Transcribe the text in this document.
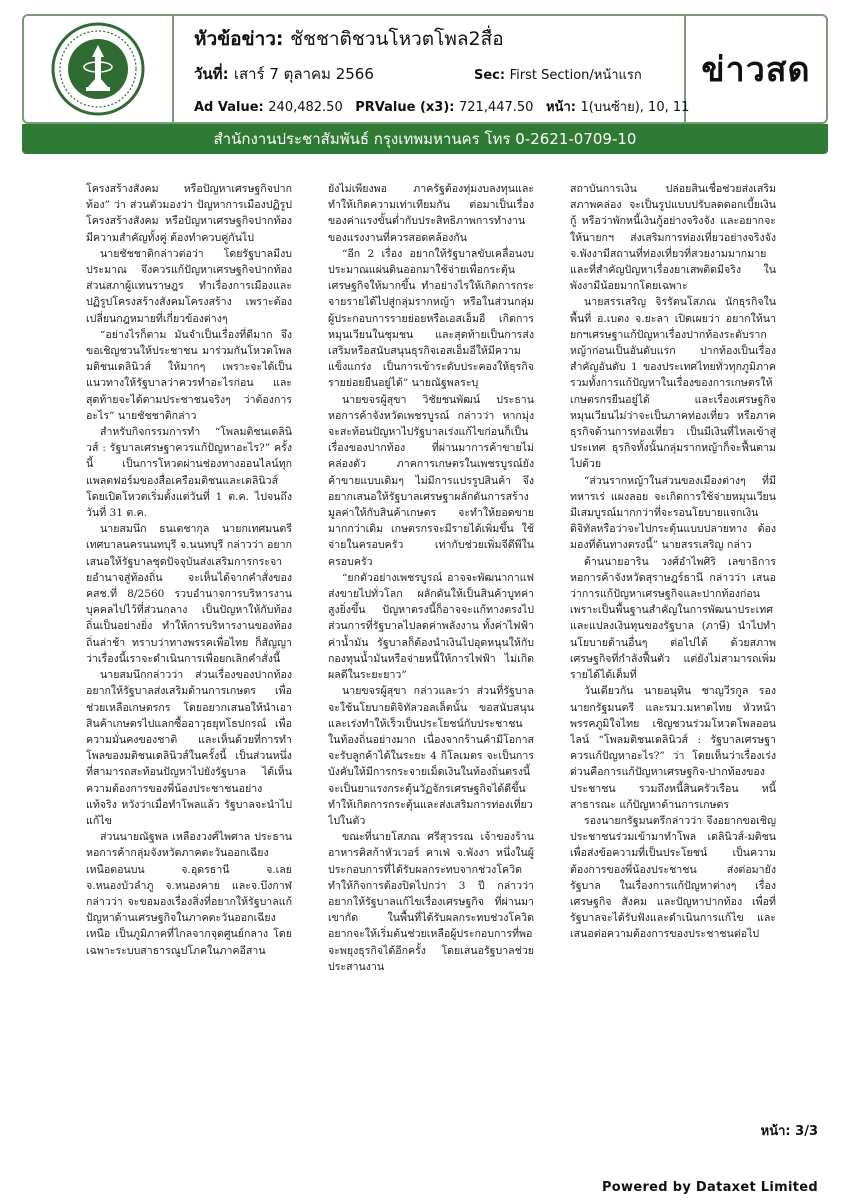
หัวข้อข่าว: ชัชชาติชวนโหวตโพล2สื่อ
วันที่: เสาร์ 7 ตุลาคม 2566	Sec: First Section/หน้าแรก
Ad Value: 240,482.50 PRValue (x3): 721,447.50 หน้า: 1(บนซ้าย), 10, 11
ข่าวสด
สำนักงานประชาสัมพันธ์ กรุงเทพมหานคร โทร 0-2621-0709-10

โครงสร้างสังคม หรือปัญหาเศรษฐกิจปากท้อง” ว่า ส่วนตัวมองว่า ปัญหาการเมืองปฏิรูปโครงสร้างสังคม หรือปัญหาเศรษฐกิจปากท้อง มีความสำคัญทั้งคู่ ต้องทำควบคู่กันไป

นายชัชชาติกล่าวต่อว่า โดยรัฐบาลมีงบประมาณ จึงควรแก้ปัญหาเศรษฐกิจปากท้อง ส่วนสภาผู้แทนราษฎร ทำเรื่องการเมืองและปฏิรูปโครงสร้างสังคมโครงสร้าง เพราะต้องเปลี่ยนกฎหมายที่เกี่ยวข้องต่างๆ

“อย่างไรก็ตาม มันจำเป็นเรื่องที่ดีมาก จึงขอเชิญชวนให้ประชาชน มาร่วมกันโหวตโพล มติชนเดลินิวส์ ให้มากๆ เพราะจะได้เป็นแนวทางให้รัฐบาลว่าควรทำอะไรก่อน และสุดท้ายจะได้ตามประชาชนจริงๆ ว่าต้องการอะไร” นายชัชชาติกล่าว

สำหรับกิจกรรมการทำ “โพลมติชนเดลินิวส์ : รัฐบาลเศรษฐาควรแก้ปัญหาอะไร?” ครั้งนี้ เป็นการโหวตผ่านช่องทางออนไลน์ทุกแพลตฟอร์มของสื่อเครือมติชนและเดลินิวส์ โดยเปิดโหวตเริ่มตั้งแต่วันที่ 1 ต.ค. ไปจนถึงวันที่ 31 ต.ค.

นายสมนึก ธนเดชากุล นายกเทศมนตรีเทศบาลนครนนทบุรี จ.นนทบุรี กล่าวว่า อยากเสนอให้รัฐบาลชุดปัจจุบันส่งเสริมการกระจายอำนาจสู่ท้องถิ่น จะเห็นได้จากคำสั่งของคสช.ที่ 8/2560 รวบอำนาจการบริหารงานบุคคลไปไว้ที่ส่วนกลาง เป็นปัญหาให้กับท้องถิ่นเป็นอย่างยิ่ง ทำให้การบริหารงานของท้องถิ่นล่าช้า ทราบว่าทางพรรคเพื่อไทย ก็สัญญาว่าเรื่องนี้เราจะดำเนินการเพื่อยกเลิกคำสั่งนี้

นายสมนึกกล่าวว่า ส่วนเรื่องของปากท้องอยากให้รัฐบาลส่งเสริมด้านการเกษตร เพื่อช่วยเหลือเกษตรกร โดยอยากเสนอให้นำเอาสินค้าเกษตรไปแลกซื้ออาวุธยุทโธปกรณ์ เพื่อความมั่นคงของชาติ และเห็นด้วยที่การทำโพลของมติชนเดลินิวส์ในครั้งนี้ เป็นส่วนหนึ่งที่สามารถสะท้อนปัญหาไปยังรัฐบาล ได้เห็นความต้องการของพี่น้องประชาชนอย่างแท้จริง หวังว่าเมื่อทำโพลแล้ว รัฐบาลจะนำไปแก้ไข

ส่วนนายณัฐพล เหลืองวงศ์ไพศาล ประธานหอการค้ากลุ่มจังหวัดภาคตะวันออกเฉียงเหนือตอนบน จ.อุดรธานี จ.เลย จ.หนองบัวลำภู จ.หนองคาย และจ.บึงกาฬ กล่าวว่า จะขอมองเรื่องสิ่งที่อยากให้รัฐบาลแก้ปัญหาด้านเศรษฐกิจในภาคตะวันออกเฉียงเหนือ เป็นภูมิภาคที่ไกลจากจุดศูนย์กลาง โดยเฉพาะระบบสาธารณูปโภคในภาคอีสาน

ยังไม่เพียงพอ ภาครัฐต้องทุ่มงบลงทุนและทำให้เกิดความเท่าเทียมกัน ต่อมาเป็นเรื่องของค่าแรงขั้นต่ำกับประสิทธิภาพการทำงานของแรงงานที่ควรสอดคล้องกัน

“อีก 2 เรื่อง อยากให้รัฐบาลขับเคลื่อนงบประมาณแผ่นดินออกมาใช้จ่ายเพื่อกระตุ้นเศรษฐกิจให้มากขึ้น ทำอย่างไรให้เกิดการกระจายรายได้ไปสู่กลุ่มรากหญ้า หรือในส่วนกลุ่มผู้ประกอบการรายย่อยหรือเอสเอ็มอี เกิดการหมุนเวียนในชุมชน และสุดท้ายเป็นการส่งเสริมหรือสนับสนุนธุรกิจเอสเอ็มอีให้มีความแข็งแกร่ง เป็นการเข้าระดับประคองให้ธุรกิจรายย่อยยืนอยู่ได้” นายณัฐพลระบุ

นายขจรผู้สุขา วิชัยชนพัฒน์ ประธานหอการค้าจังหวัดเพชรบูรณ์ กล่าวว่า หากมุ่งจะสะท้อนปัญหาไปรัฐบาลเร่งแก้ไขก่อนก็เป็นเรื่องของปากท้อง ที่ผ่านมาการค้าขายไม่คล่องตัว ภาคการเกษตรในเพชรบูรณ์ยังค้าขายแบบเดิมๆ ไม่มีการแปรรูปสินค้า จึงอยากเสนอให้รัฐบาลเศรษฐาผลักดันการสร้างมูลค่าให้กับสินค้าเกษตร จะทำให้ยอดขายมากกว่าเดิม เกษตรกรจะมีรายได้เพิ่มขึ้น ใช้จ่ายในครอบครัว เท่ากับช่วยเพิ่มจีดีพีในครอบครัว

“ยกตัวอย่างเพชรบูรณ์ อาจจะพัฒนากาแฟส่งขายไปทั่วโลก ผลักดันให้เป็นสินค้าบูทค่าสูงยิ่งขึ้น ปัญหาตรงนี้ก็อาจจะแก้ทางตรงไปส่วนการที่รัฐบาลไปลดค่าพลังงาน ทั้งค่าไฟฟ้า ค่าน้ำมัน รัฐบาลก็ต้องนำเงินไปอุดหนุนให้กับกองทุนน้ำมันหรือจ่ายหนี้ให้การไฟฟ้า ไม่เกิดผลดีในระยะยาว”

นายขจรผู้สุขา กล่าวและว่า ส่วนที่รัฐบาลจะใช้นโยบายดิจิทัลวอลเล็ตนั้น ขอสนับสนุนและเร่งทำให้เร็วเป็นประโยชน์กับประชาชนในท้องถิ่นอย่างมาก เนื่องจากร้านค้ามีโอกาสจะรับลูกค้าได้ในระยะ 4 กิโลเมตร จะเป็นการบังคับให้มีการกระจายเม็ดเงินในท้องถิ่นตรงนี้จะเป็นยาแรงกระตุ้นวัฏจักรเศรษฐกิจได้ดีขึ้น ทำให้เกิดการกระตุ้นและส่งเสริมการท่องเที่ยวไปในตัว

ขณะที่นายโสภณ ศรีสุวรรณ เจ้าของร้านอาหารคิสก้าหัวเวอร์ คาเฟ่ จ.พังงา หนึ่งในผู้ประกอบการที่ได้รับผลกระทบจากช่วงโควิด ทำให้กิจการต้องปิดไปกว่า 3 ปี กล่าวว่า อยากให้รัฐบาลแก้ไขเรื่องเศรษฐกิจ ที่ผ่านมาเขากัด ในพื้นที่ได้รับผลกระทบช่วงโควิด อยากจะให้เริ่มต้นช่วยเหลือผู้ประกอบการที่พอจะพยุงธุรกิจได้อีกครั้ง โดยเสนอรัฐบาลช่วยประสานงาน

สถาบันการเงิน ปล่อยสินเชื่อช่วยส่งเสริมสภาพคล่อง จะเป็นรูปแบบปรับลดดอกเบี้ยเงินกู้ หรือว่าพักหนี้เงินกู้อย่างจริงจัง และอยากจะให้นายกฯ ส่งเสริมการท่องเที่ยวอย่างจริงจัง จ.พังงามีสถานที่ท่องเที่ยวที่สวยงามมากมาย และที่สำคัญปัญหาเรื่องยาเสพติดมีจริง ในพังงามีน้อยมากโดยเฉพาะ

นายสรรเสริญ จิรรัตนโสภณ นักธุรกิจในพื้นที่ อ.เบตง จ.ยะลา เปิดเผยว่า อยากให้นายกฯเศรษฐาแก้ปัญหาเรื่องปากท้องระดับรากหญ้าก่อนเป็นอันดับแรก ปากท้องเป็นเรื่องสำคัญอันดับ 1 ของประเทศไทยทั่วทุกภูมิภาค รวมทั้งการแก้ปัญหาในเรื่องของการเกษตรให้เกษตรกรยืนอยู่ได้ และเรื่องเศรษฐกิจหมุนเวียนไม่ว่าจะเป็นภาคท่องเที่ยว หรือภาคธุรกิจด้านการท่องเที่ยว เป็นมีเงินที่ไหลเข้าสู่ประเทศ ธุรกิจทั้งนั้นกลุ่มรากหญ้าก็จะฟื้นตามไปด้วย

“ส่วนรากหญ้าในส่วนของเมืองต่างๆ ที่มีทหารเร่ แผงลอย จะเกิดการใช้จ่ายหมุนเวียน มีเสมบูรณ์มากกว่าที่จะรอนโยบายแจกเงินดิจิทัลหรือว่าจะไปกระตุ้นแบบปลายทาง ต้องมองที่ต้นทางตรงนี้” นายสรรเสริญ กล่าว

ด้านนายอาริน วงศ์อำไพศิริ เลขาธิการหอการค้าจังหวัดสุราษฎร์ธานี กล่าวว่า เสนอว่าการแก้ปัญหาเศรษฐกิจและปากท้องก่อนเพราะเป็นพื้นฐานสำคัญในการพัฒนาประเทศ และแปลงเงินทุนของรัฐบาล (ภาษี) นำไปทำนโยบายด้านอื่นๆ ต่อไปได้ ด้วยสภาพเศรษฐกิจที่กำลังฟื้นตัว แต่ยังไม่สามารถเพิ่มรายได้ได้เต็มที่

วันเดียวกัน นายอนุทิน ชาญวีรกูล รองนายกรัฐมนตรี และรมว.มหาดไทย หัวหน้าพรรคภูมิใจไทย เชิญชวนร่วมโหวตโพลออนไลน์ “โพลมติชนเดลินิวส์ : รัฐบาลเศรษฐาควรแก้ปัญหาอะไร?” ว่า โดยเห็นว่าเรื่องเร่งด่วนคือการแก้ปัญหาเศรษฐกิจ-ปากท้องของประชาชน รวมถึงหนี้สินครัวเรือน หนี้สาธารณะ แก้ปัญหาด้านการเกษตร

รองนายกรัฐมนตรีกล่าวว่า จึงอยากขอเชิญประชาชนร่วมเข้ามาทำโพล เดลินิวส์-มติชน เพื่อส่งข้อความที่เป็นประโยชน์ เป็นความต้องการของพี่น้องประชาชน ส่งต่อมายังรัฐบาล ในเรื่องการแก้ปัญหาต่างๆ เรื่องเศรษฐกิจ สังคม และปัญหาปากท้อง เพื่อที่รัฐบาลจะได้รับฟังและดำเนินการแก้ไข และเสนอต่อความต้องการของประชาชนต่อไป

หน้า: 3/3
Powered by Dataxet Limited
